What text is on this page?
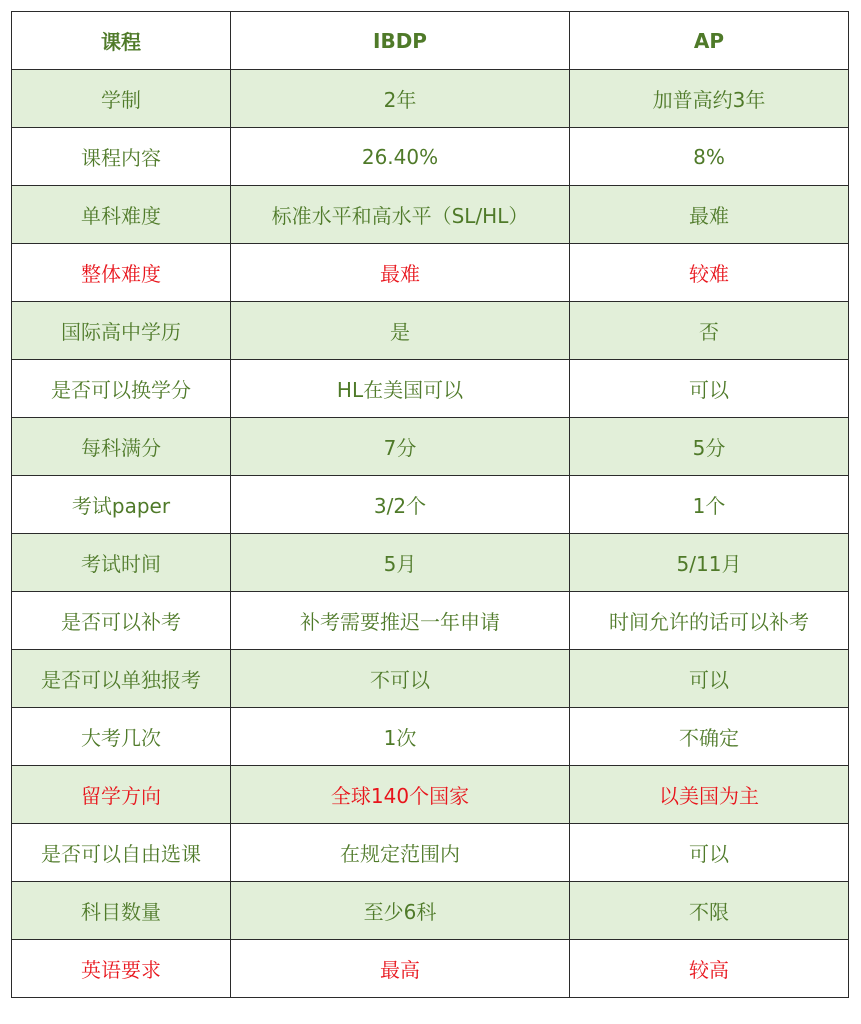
课程	IBDP	AP
学制	2年	加普高约3年
课程内容	26.40%	8%
单科难度	标准水平和高水平（SL/HL）	最难
整体难度	最难	较难
国际高中学历	是	否
是否可以换学分	HL在美国可以	可以
每科满分	7分	5分
考试paper	3/2个	1个
考试时间	5月	5/11月
是否可以补考	补考需要推迟一年申请	时间允许的话可以补考
是否可以单独报考	不可以	可以
大考几次	1次	不确定
留学方向	全球140个国家	以美国为主
是否可以自由选课	在规定范围内	可以
科目数量	至少6科	不限
英语要求	最高	较高
